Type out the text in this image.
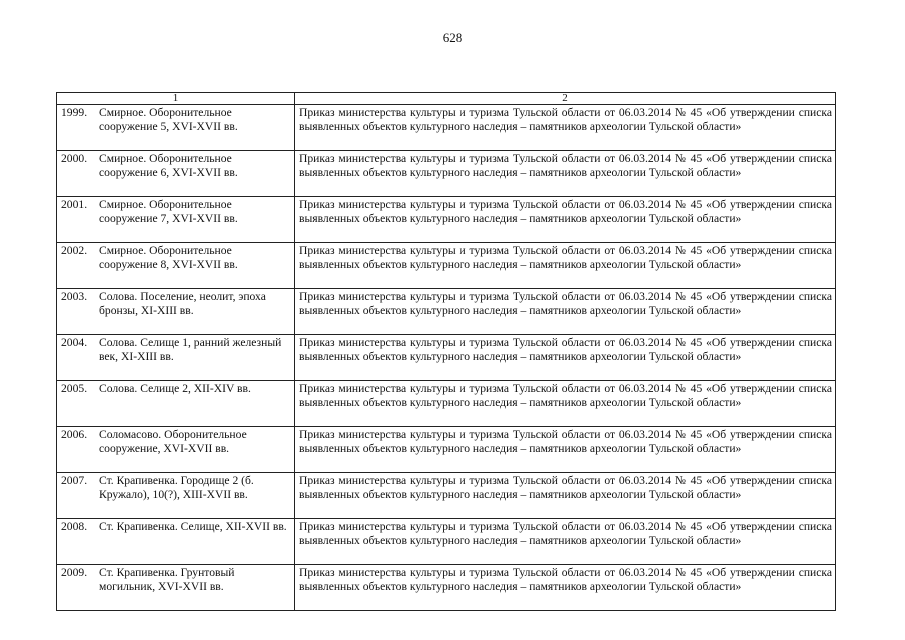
628
1	2

1999. Смирное. Оборонительное сооружение 5, XVI-XVII вв.	Приказ министерства культуры и туризма Тульской области от 06.03.2014 № 45 «Об утверждении списка выявленных объектов культурного наследия – памятников археологии Тульской области»

2000. Смирное. Оборонительное сооружение 6, XVI-XVII вв.	Приказ министерства культуры и туризма Тульской области от 06.03.2014 № 45 «Об утверждении списка выявленных объектов культурного наследия – памятников археологии Тульской области»

2001. Смирное. Оборонительное сооружение 7, XVI-XVII вв.	Приказ министерства культуры и туризма Тульской области от 06.03.2014 № 45 «Об утверждении списка выявленных объектов культурного наследия – памятников археологии Тульской области»

2002. Смирное. Оборонительное сооружение 8, XVI-XVII вв.	Приказ министерства культуры и туризма Тульской области от 06.03.2014 № 45 «Об утверждении списка выявленных объектов культурного наследия – памятников археологии Тульской области»

2003. Солова. Поселение, неолит, эпоха бронзы, XI-XIII вв.	Приказ министерства культуры и туризма Тульской области от 06.03.2014 № 45 «Об утверждении списка выявленных объектов культурного наследия – памятников археологии Тульской области»

2004. Солова. Селище 1, ранний железный век, XI-XIII вв.	Приказ министерства культуры и туризма Тульской области от 06.03.2014 № 45 «Об утверждении списка выявленных объектов культурного наследия – памятников археологии Тульской области»

2005. Солова. Селище 2, XII-XIV вв.	Приказ министерства культуры и туризма Тульской области от 06.03.2014 № 45 «Об утверждении списка выявленных объектов культурного наследия – памятников археологии Тульской области»

2006. Соломасово. Оборонительное сооружение, XVI-XVII вв.	Приказ министерства культуры и туризма Тульской области от 06.03.2014 № 45 «Об утверждении списка выявленных объектов культурного наследия – памятников археологии Тульской области»

2007. Ст. Крапивенка. Городище 2 (б. Кружало), 10(?), XIII-XVII вв.	Приказ министерства культуры и туризма Тульской области от 06.03.2014 № 45 «Об утверждении списка выявленных объектов культурного наследия – памятников археологии Тульской области»

2008. Ст. Крапивенка. Селище, XII-XVII вв.	Приказ министерства культуры и туризма Тульской области от 06.03.2014 № 45 «Об утверждении списка выявленных объектов культурного наследия – памятников археологии Тульской области»

2009. Ст. Крапивенка. Грунтовый могильник, XVI-XVII вв.	Приказ министерства культуры и туризма Тульской области от 06.03.2014 № 45 «Об утверждении списка выявленных объектов культурного наследия – памятников археологии Тульской области»
